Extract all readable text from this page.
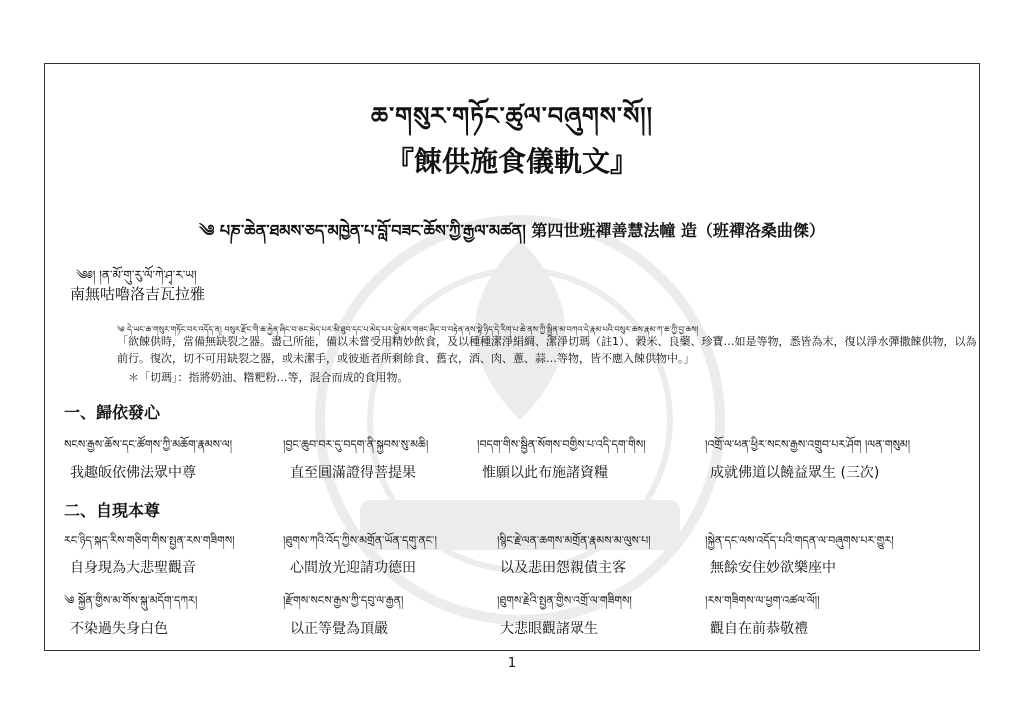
ཆ་གསུར་གཏོང་ཚུལ་བཞུགས་སོ།།
『餗供施食儀軌文』
༄ པཎ་ཆེན་ཐམས་ཅད་མཁྱེན་པ་བློ་བཟང་ཆོས་ཀྱི་རྒྱལ་མཚན། 第四世班禪善慧法幢 造（班禪洛桑曲傑）
༄༅། །ན་མོ་གུ་རུ་ལོ་ཀེ་ཤྭ་ར་ཡ།
南無咕嚕洛吉瓦拉雅
༄ དེ་ཡང་ཆ་གསུར་གཏོང་བར་འདོད་ན། བསུར་རྫོང་གི་ཆ་རྐྱེན་ཞིང་བ་ཅང་མེད་པར་མི་ཐུབ་དང་པ་མེད་པར་ཕྱེ་མར་གཟང་ཞིང་བ་བརྟེན་ནས་སྟེ་ཉིད་དེ་རིག་པ་ཆེ་ནས་ཀྱི་སྦྱིན་མ་བཀའ་དེ་རྣམ་པའི་བསུར་ཆས་རྣམ་ཀ་ཆ་ཀྱི་བྱ་ཆས།
「欲餗供時，當備無缺裂之器。盡己所能，備以未嘗受用精妙飲食，及以種種潔淨絹綢、潔淨切瑪（註1）、穀米、良藥、珍寶…如是等物，悉皆為末，復以淨水彈撒餗供物，以為前行。復次，切不可用缺裂之器，或未潔手，或彼逝者所剩餘食、舊衣，酒、肉、蔥、蒜…等物，皆不應入餗供物中。」
＊「切瑪」：指將奶油、糌粑粉…等，混合而成的食用物。
一、歸依發心
སངས་རྒྱས་ཆོས་དང་ཚོགས་ཀྱི་མཆོག་རྣམས་ལ།	།བྱང་ཆུབ་བར་དུ་བདག་ནི་སྐྱབས་སུ་མཆི།	།བདག་གིས་སྦྱིན་སོགས་བགྱིས་པ་འདི་དག་གིས།	།འགྲོ་ལ་ཕན་ཕྱིར་སངས་རྒྱས་འགྲུབ་པར་ཤོག །ལན་གསུམ།
我趣皈依佛法眾中尊	直至圓滿證得菩提果	惟願以此布施諸資糧	成就佛道以饒益眾生 (三次)
二、自現本尊
རང་ཉིད་སྐད་རིས་གཅིག་གིས་སྤྱན་རས་གཟིགས།	།ཐུགས་ཀའི་འོད་ཀྱིས་མགྲོན་ཡོན་དགུ་ནང་།	།སྙིང་རྗེ་ལན་ཆགས་མགྲོན་རྣམས་མ་ལུས་པ།	།སྐྱེན་དང་ལས་འདོད་པའི་གདན་ལ་བཞུགས་པར་གྱུར།
自身現為大悲聖觀音	心間放光迎請功德田	以及悲田怨親債主客	無餘安住妙欲樂座中
༄ སྐྱོན་གྱིས་མ་གོས་སྐུ་མདོག་དཀར།	།རྫོགས་སངས་རྒྱས་ཀྱི་དབུ་ལ་རྒྱན།	།ཐུགས་རྗེའི་སྤྱན་གྱིས་འགྲོ་ལ་གཟིགས།	།རས་གཟིགས་ལ་ཕྱག་འཚལ་ལོ།།
不染過失身白色	以正等覺為頂嚴	大悲眼觀諸眾生	觀自在前恭敬禮
1
